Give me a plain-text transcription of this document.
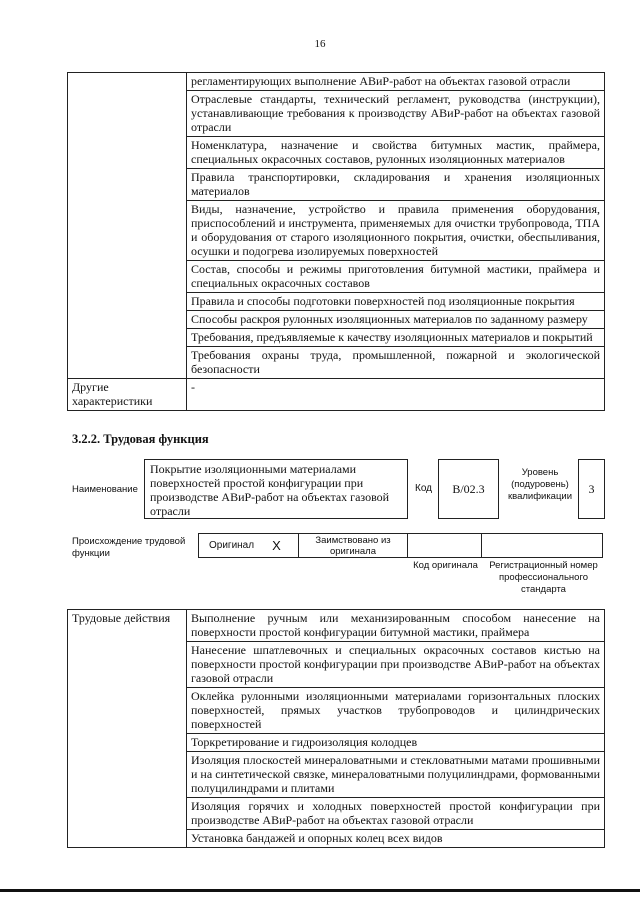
16
	регламентирующих выполнение АВиР-работ на объектах газовой отрасли
	Отраслевые стандарты, технический регламент, руководства (инструкции), устанавливающие требования к производству АВиР-работ на объектах газовой отрасли
	Номенклатура, назначение и свойства битумных мастик, праймера, специальных окрасочных составов, рулонных изоляционных материалов
	Правила транспортировки, складирования и хранения изоляционных материалов
	Виды, назначение, устройство и правила применения оборудования, приспособлений и инструмента, применяемых для очистки трубопровода, ТПА и оборудования от старого изоляционного покрытия, очистки, обеспыливания, осушки и подогрева изолируемых поверхностей
	Состав, способы и режимы приготовления битумной мастики, праймера и специальных окрасочных составов
	Правила и способы подготовки поверхностей под изоляционные покрытия
	Способы раскроя рулонных изоляционных материалов по заданному размеру
	Требования, предъявляемые к качеству изоляционных материалов и покрытий
	Требования охраны труда, промышленной, пожарной и экологической безопасности
Другие характеристики	-
3.2.2. Трудовая функция
Наименование
Покрытие изоляционными материалами поверхностей простой конфигурации при производстве АВиР-работ на объектах газовой отрасли
Код	В/02.3
Уровень (подуровень) квалификации
3
Происхождение трудовой функции
Оригинал X	Заимствовано из оригинала
Код оригинала	Регистрационный номер профессионального стандарта
Трудовые действия	Выполнение ручным или механизированным способом нанесение на поверхности простой конфигурации битумной мастики, праймера
Нанесение шпатлевочных и специальных окрасочных составов кистью на поверхности простой конфигурации при производстве АВиР-работ на объектах газовой отрасли
Оклейка рулонными изоляционными материалами горизонтальных плоских поверхностей, прямых участков трубопроводов и цилиндрических поверхностей
Торкретирование и гидроизоляция колодцев
Изоляция плоскостей минераловатными и стекловатными матами прошивными и на синтетической связке, минераловатными полуцилиндрами, формованными полуцилиндрами и плитами
Изоляция горячих и холодных поверхностей простой конфигурации при производстве АВиР-работ на объектах газовой отрасли
Установка бандажей и опорных колец всех видов
